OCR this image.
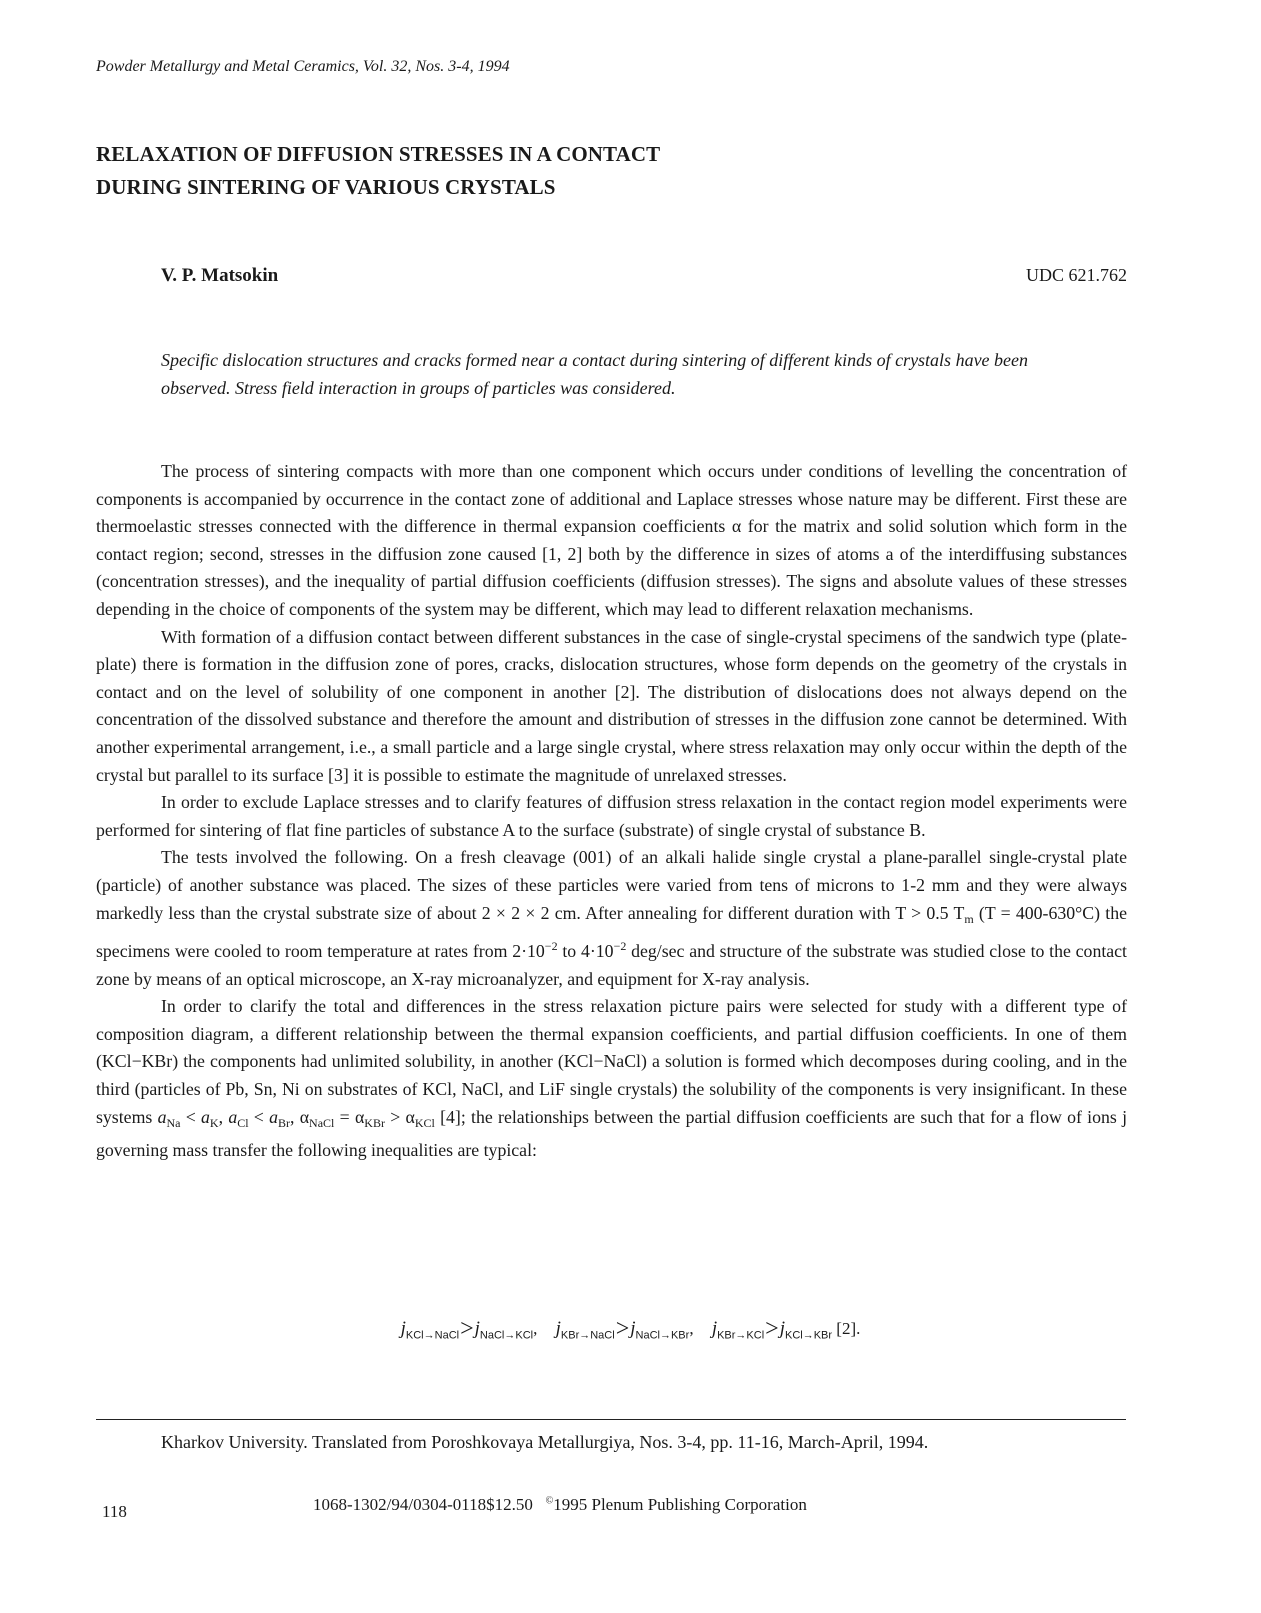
Powder Metallurgy and Metal Ceramics, Vol. 32, Nos. 3-4, 1994
RELAXATION OF DIFFUSION STRESSES IN A CONTACT
DURING SINTERING OF VARIOUS CRYSTALS
V. P. Matsokin	UDC 621.762
Specific dislocation structures and cracks formed near a contact during sintering of different kinds of crystals have been observed. Stress field interaction in groups of particles was considered.

The process of sintering compacts with more than one component which occurs under conditions of levelling the concentration of components is accompanied by occurrence in the contact zone of additional and Laplace stresses whose nature may be different. First these are thermoelastic stresses connected with the difference in thermal expansion coefficients α for the matrix and solid solution which form in the contact region; second, stresses in the diffusion zone caused [1, 2] both by the difference in sizes of atoms a of the interdiffusing substances (concentration stresses), and the inequality of partial diffusion coefficients (diffusion stresses). The signs and absolute values of these stresses depending in the choice of components of the system may be different, which may lead to different relaxation mechanisms.

With formation of a diffusion contact between different substances in the case of single-crystal specimens of the sandwich type (plate-plate) there is formation in the diffusion zone of pores, cracks, dislocation structures, whose form depends on the geometry of the crystals in contact and on the level of solubility of one component in another [2]. The distribution of dislocations does not always depend on the concentration of the dissolved substance and therefore the amount and distribution of stresses in the diffusion zone cannot be determined. With another experimental arrangement, i.e., a small particle and a large single crystal, where stress relaxation may only occur within the depth of the crystal but parallel to its surface [3] it is possible to estimate the magnitude of unrelaxed stresses.

In order to exclude Laplace stresses and to clarify features of diffusion stress relaxation in the contact region model experiments were performed for sintering of flat fine particles of substance A to the surface (substrate) of single crystal of substance B.

The tests involved the following. On a fresh cleavage (001) of an alkali halide single crystal a plane-parallel single-crystal plate (particle) of another substance was placed. The sizes of these particles were varied from tens of microns to 1-2 mm and they were always markedly less than the crystal substrate size of about 2 × 2 × 2 cm. After annealing for different duration with T > 0.5 $T_m$ (T = 400-630°C) the specimens were cooled to room temperature at rates from $2\cdot 10^{-2}$ to $4\cdot 10^{-2}$ deg/sec and structure of the substrate was studied close to the contact zone by means of an optical microscope, an X-ray microanalyzer, and equipment for X-ray analysis.

In order to clarify the total and differences in the stress relaxation picture pairs were selected for study with a different type of composition diagram, a different relationship between the thermal expansion coefficients, and partial diffusion coefficients. In one of them (KCl−KBr) the components had unlimited solubility, in another (KCl−NaCl) a solution is formed which decomposes during cooling, and in the third (particles of Pb, Sn, Ni on substrates of KCl, NaCl, and LiF single crystals) the solubility of the components is very insignificant. In these systems $a_{Na} < a_K$, $a_{Cl} < a_{Br}$, $\alpha_{NaCl} = \alpha_{KBr} > \alpha_{KCl}$ [4]; the relationships between the partial diffusion coefficients are such that for a flow of ions j governing mass transfer the following inequalities are typical:

$j_{KCl\to NaCl}>j_{NaCl\to KCl}$, $j_{KBr\to NaCl}>j_{NaCl\to KBr}$, $j_{KBr\to KCl}>j_{KCl\to KBr}$ [2].
Kharkov University. Translated from Poroshkovaya Metallurgiya, Nos. 3-4, pp. 11-16, March-April, 1994.
118	1068-1302/94/0304-0118$12.50 ©1995 Plenum Publishing Corporation
